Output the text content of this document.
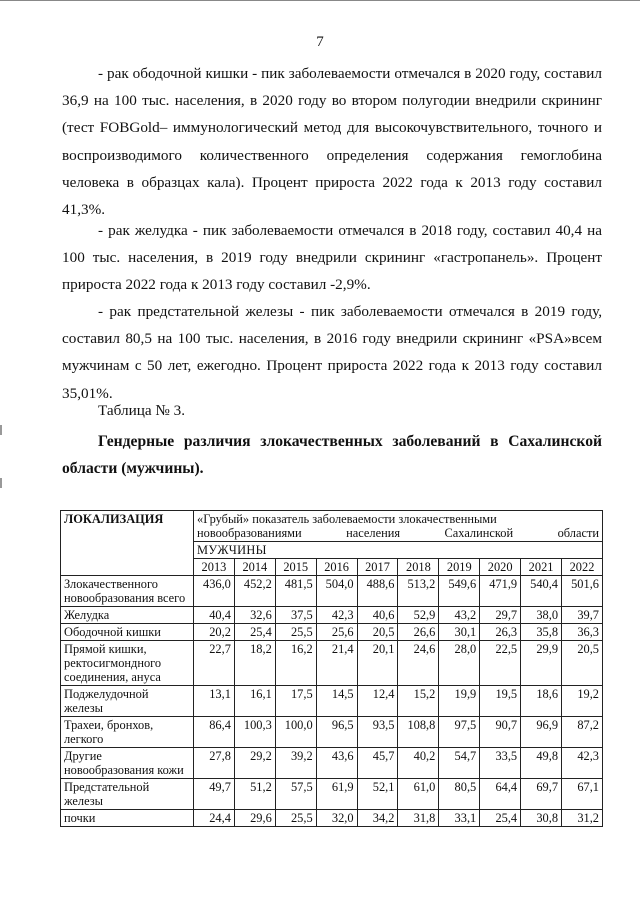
7

- рак ободочной кишки - пик заболеваемости отмечался в 2020 году, составил 36,9 на 100 тыс. населения, в 2020 году во втором полугодии внедрили скрининг (тест FOBGold– иммунологический метод для высокочувствительного, точного и воспроизводимого количественного определения содержания гемоглобина человека в образцах кала). Процент прироста 2022 года к 2013 году составил 41,3%.

- рак желудка - пик заболеваемости отмечался в 2018 году, составил 40,4 на 100 тыс. населения, в 2019 году внедрили скрининг «гастропанель». Процент прироста 2022 года к 2013 году составил -2,9%.

- рак предстательной железы - пик заболеваемости отмечался в 2019 году, составил 80,5 на 100 тыс. населения, в 2016 году внедрили скрининг «PSA»всем мужчинам с 50 лет, ежегодно. Процент прироста 2022 года к 2013 году составил 35,01%.

Таблица № 3.

Гендерные различия злокачественных заболеваний в Сахалинской области (мужчины).

ЛОКАЛИЗАЦИЯ	«Грубый» показатель заболеваемости злокачественными новообразованиями населения Сахалинской области									
	МУЖЧИНЫ									
	2013	2014	2015	2016	2017	2018	2019	2020	2021	2022
Злокачественного новообразования всего	436,0	452,2	481,5	504,0	488,6	513,2	549,6	471,9	540,4	501,6
Желудка	40,4	32,6	37,5	42,3	40,6	52,9	43,2	29,7	38,0	39,7
Ободочной кишки	20,2	25,4	25,5	25,6	20,5	26,6	30,1	26,3	35,8	36,3
Прямой кишки, ректосигмондного соединения, ануса	22,7	18,2	16,2	21,4	20,1	24,6	28,0	22,5	29,9	20,5
Поджелудочной железы	13,1	16,1	17,5	14,5	12,4	15,2	19,9	19,5	18,6	19,2
Трахеи, бронхов, легкого	86,4	100,3	100,0	96,5	93,5	108,8	97,5	90,7	96,9	87,2
Другие новообразования кожи	27,8	29,2	39,2	43,6	45,7	40,2	54,7	33,5	49,8	42,3
Предстательной железы	49,7	51,2	57,5	61,9	52,1	61,0	80,5	64,4	69,7	67,1
почки	24,4	29,6	25,5	32,0	34,2	31,8	33,1	25,4	30,8	31,2
